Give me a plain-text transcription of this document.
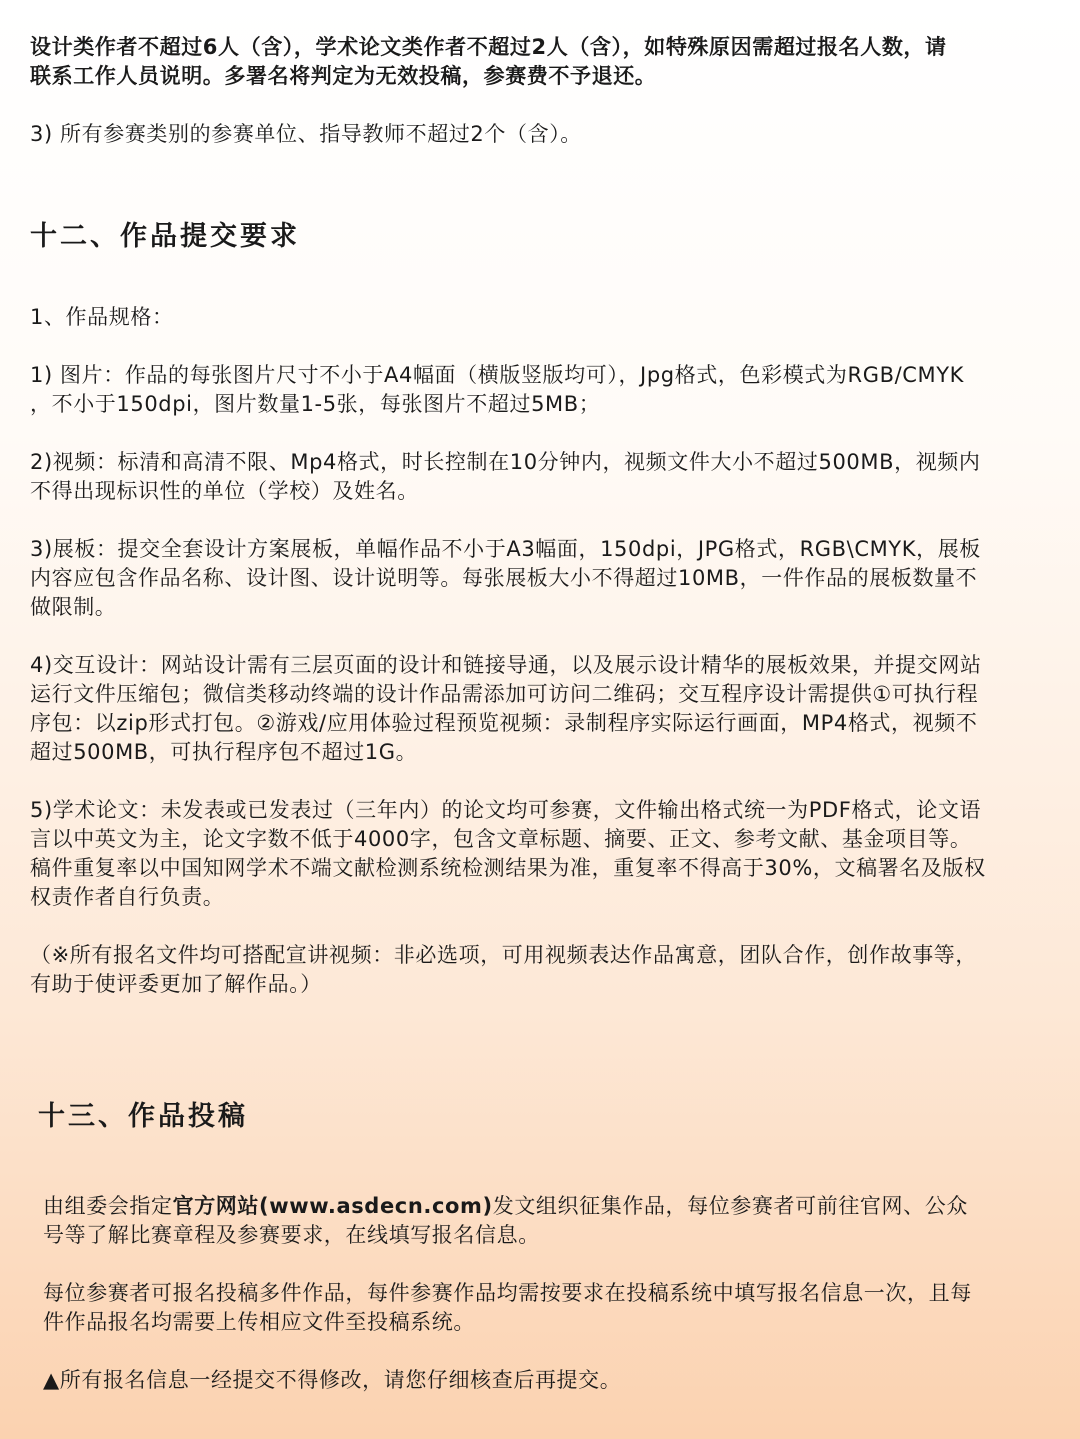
设计类作者不超过6人（含），学术论文类作者不超过2人（含），如特殊原因需超过报名人数，请

联系工作人员说明。多署名将判定为无效投稿，参赛费不予退还。

3) 所有参赛类别的参赛单位、指导教师不超过2个（含）。

十二、作品提交要求

1、作品规格：

1) 图片：作品的每张图片尺寸不小于A4幅面（横版竖版均可），Jpg格式，色彩模式为RGB/CMYK

，不小于150dpi，图片数量1-5张，每张图片不超过5MB；

2)视频：标清和高清不限、Mp4格式，时长控制在10分钟内，视频文件大小不超过500MB，视频内

不得出现标识性的单位（学校）及姓名。

3)展板：提交全套设计方案展板，单幅作品不小于A3幅面，150dpi，JPG格式，RGB\CMYK，展板

内容应包含作品名称、设计图、设计说明等。每张展板大小不得超过10MB，一件作品的展板数量不

做限制。

4)交互设计：网站设计需有三层页面的设计和链接导通，以及展示设计精华的展板效果，并提交网站

运行文件压缩包；微信类移动终端的设计作品需添加可访问二维码；交互程序设计需提供①可执行程

序包：以zip形式打包。②游戏/应用体验过程预览视频：录制程序实际运行画面，MP4格式，视频不

超过500MB，可执行程序包不超过1G。

5)学术论文：未发表或已发表过（三年内）的论文均可参赛，文件输出格式统一为PDF格式，论文语

言以中英文为主，论文字数不低于4000字，包含文章标题、摘要、正文、参考文献、基金项目等。

稿件重复率以中国知网学术不端文献检测系统检测结果为准，重复率不得高于30%，文稿署名及版权

权责作者自行负责。

（※所有报名文件均可搭配宣讲视频：非必选项，可用视频表达作品寓意，团队合作，创作故事等，

有助于使评委更加了解作品。）

十三、作品投稿

由组委会指定官方网站(www.asdecn.com)发文组织征集作品，每位参赛者可前往官网、公众

号等了解比赛章程及参赛要求，在线填写报名信息。

每位参赛者可报名投稿多件作品，每件参赛作品均需按要求在投稿系统中填写报名信息一次，且每

件作品报名均需要上传相应文件至投稿系统。

▲所有报名信息一经提交不得修改，请您仔细核查后再提交。
